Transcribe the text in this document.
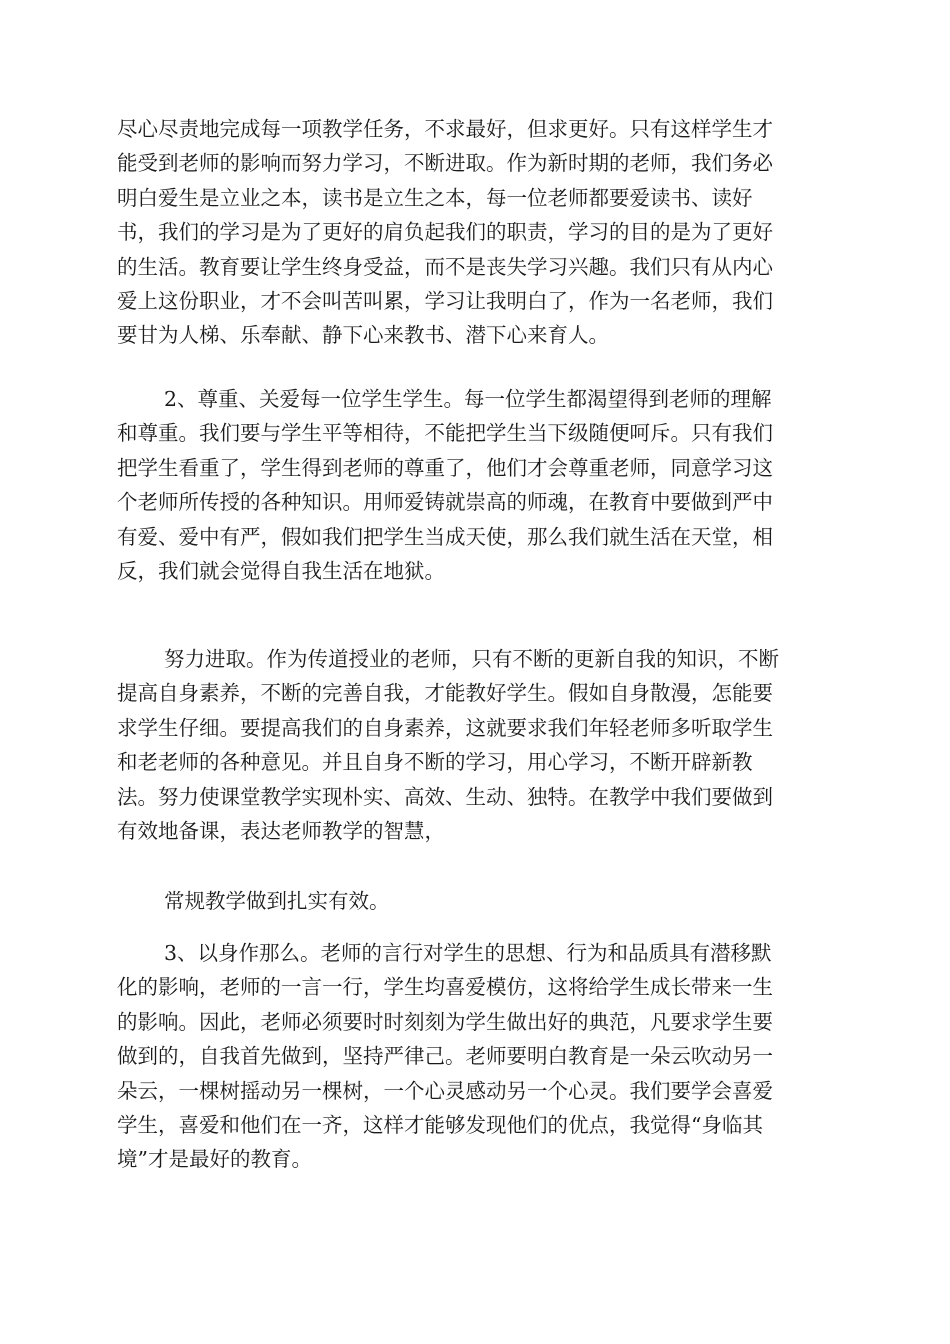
尽心尽责地完成每一项教学任务，不求最好，但求更好。只有这样学生才
能受到老师的影响而努力学习，不断进取。作为新时期的老师，我们务必
明白爱生是立业之本，读书是立生之本，每一位老师都要爱读书、读好
书，我们的学习是为了更好的肩负起我们的职责，学习的目的是为了更好
的生活。教育要让学生终身受益，而不是丧失学习兴趣。我们只有从内心
爱上这份职业，才不会叫苦叫累，学习让我明白了，作为一名老师，我们
要甘为人梯、乐奉献、静下心来教书、潜下心来育人。
2、尊重、关爱每一位学生学生。每一位学生都渴望得到老师的理解
和尊重。我们要与学生平等相待，不能把学生当下级随便呵斥。只有我们
把学生看重了，学生得到老师的尊重了，他们才会尊重老师，同意学习这
个老师所传授的各种知识。用师爱铸就崇高的师魂，在教育中要做到严中
有爱、爱中有严，假如我们把学生当成天使，那么我们就生活在天堂，相
反，我们就会觉得自我生活在地狱。
努力进取。作为传道授业的老师，只有不断的更新自我的知识，不断
提高自身素养，不断的完善自我，才能教好学生。假如自身散漫，怎能要
求学生仔细。要提高我们的自身素养，这就要求我们年轻老师多听取学生
和老老师的各种意见。并且自身不断的学习，用心学习，不断开辟新教
法。努力使课堂教学实现朴实、高效、生动、独特。在教学中我们要做到
有效地备课，表达老师教学的智慧，
常规教学做到扎实有效。
3、以身作那么。老师的言行对学生的思想、行为和品质具有潜移默
化的影响，老师的一言一行，学生均喜爱模仿，这将给学生成长带来一生
的影响。因此，老师必须要时时刻刻为学生做出好的典范，凡要求学生要
做到的，自我首先做到，坚持严律己。老师要明白教育是一朵云吹动另一
朵云，一棵树摇动另一棵树，一个心灵感动另一个心灵。我们要学会喜爱
学生，喜爱和他们在一齐，这样才能够发现他们的优点，我觉得“身临其
境”才是最好的教育。
